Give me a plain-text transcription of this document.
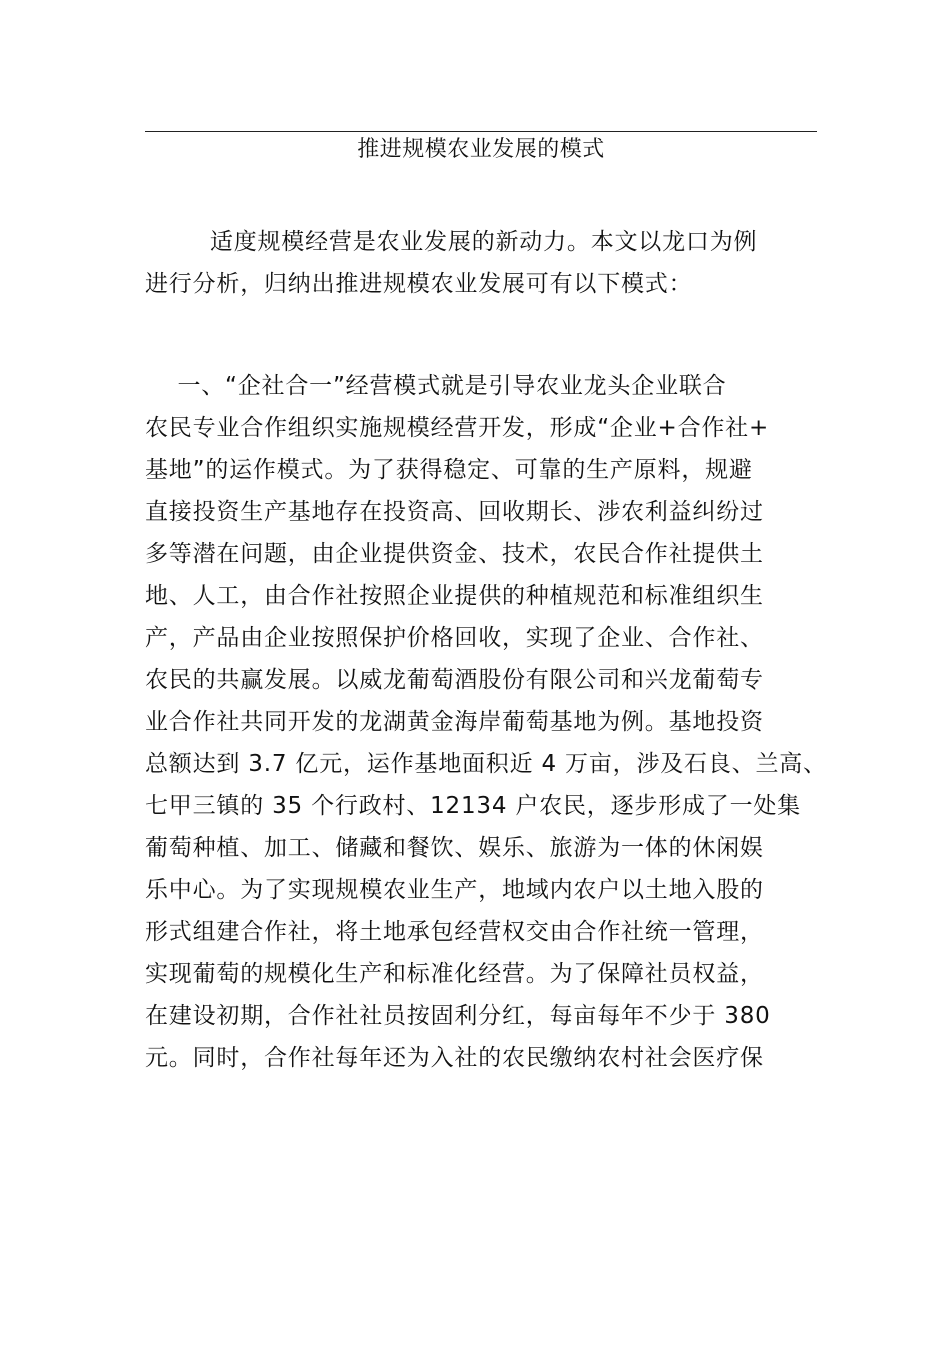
推进规模农业发展的模式
适度规模经营是农业发展的新动力。本文以龙口为例
进行分析，归纳出推进规模农业发展可有以下模式：
一、“企社合一”经营模式就是引导农业龙头企业联合
农民专业合作组织实施规模经营开发，形成“企业+合作社+
基地”的运作模式。为了获得稳定、可靠的生产原料，规避
直接投资生产基地存在投资高、回收期长、涉农利益纠纷过
多等潜在问题，由企业提供资金、技术，农民合作社提供土
地、人工，由合作社按照企业提供的种植规范和标准组织生
产，产品由企业按照保护价格回收，实现了企业、合作社、
农民的共赢发展。以威龙葡萄酒股份有限公司和兴龙葡萄专
业合作社共同开发的龙湖黄金海岸葡萄基地为例。基地投资
总额达到 3.7 亿元，运作基地面积近 4 万亩，涉及石良、兰高、
七甲三镇的 35 个行政村、12134 户农民，逐步形成了一处集
葡萄种植、加工、储藏和餐饮、娱乐、旅游为一体的休闲娱
乐中心。为了实现规模农业生产，地域内农户以土地入股的
形式组建合作社，将土地承包经营权交由合作社统一管理，
实现葡萄的规模化生产和标准化经营。为了保障社员权益，
在建设初期，合作社社员按固利分红，每亩每年不少于 380
元。同时，合作社每年还为入社的农民缴纳农村社会医疗保
